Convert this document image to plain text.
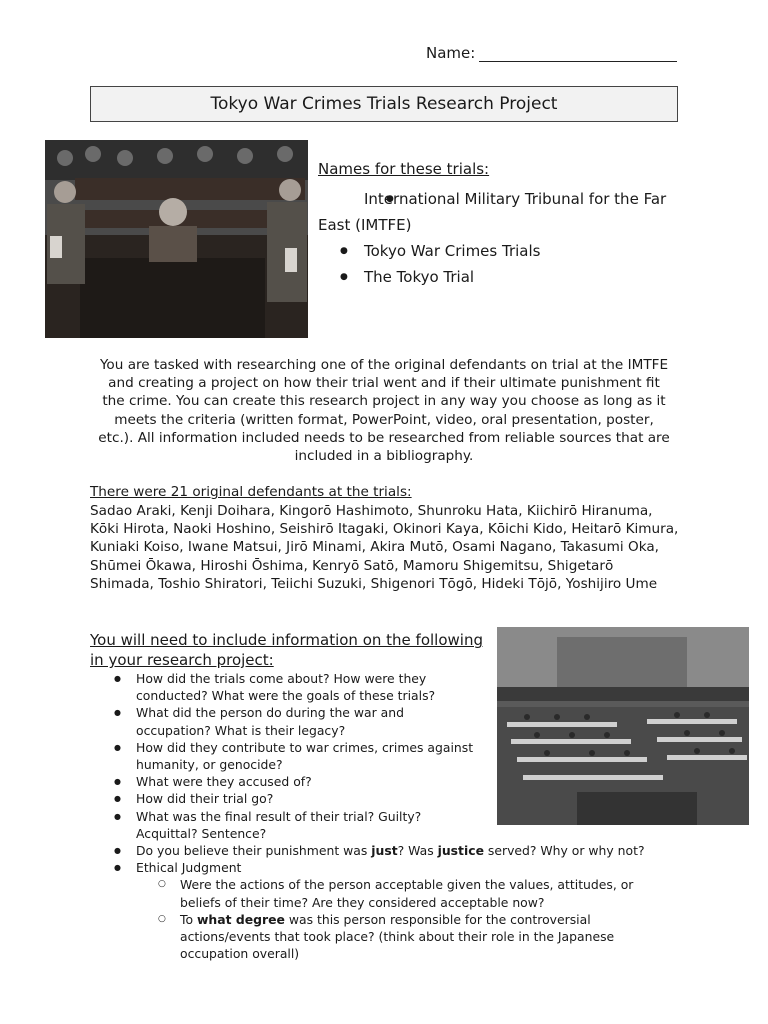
Name:
Tokyo War Crimes Trials Research Project
Names for these trials:
● International Military Tribunal for the Far East (IMTFE)
● Tokyo War Crimes Trials
● The Tokyo Trial
You are tasked with researching one of the original defendants on trial at the IMTFE and creating a project on how their trial went and if their ultimate punishment fit the crime. You can create this research project in any way you choose as long as it meets the criteria (written format, PowerPoint, video, oral presentation, poster, etc.). All information included needs to be researched from reliable sources that are included in a bibliography.
There were 21 original defendants at the trials:
Sadao Araki, Kenji Doihara, Kingorō Hashimoto, Shunroku Hata, Kiichirō Hiranuma, Kōki Hirota, Naoki Hoshino, Seishirō Itagaki, Okinori Kaya, Kōichi Kido, Heitarō Kimura, Kuniaki Koiso, Iwane Matsui, Jirō Minami, Akira Mutō, Osami Nagano, Takasumi Oka, Shūmei Ōkawa, Hiroshi Ōshima, Kenryō Satō, Mamoru Shigemitsu, Shigetarō Shimada, Toshio Shiratori, Teiichi Suzuki, Shigenori Tōgō, Hideki Tōjō, Yoshijiro Ume
You will need to include information on the following in your research project:
● How did the trials come about? How were they conducted? What were the goals of these trials?
● What did the person do during the war and occupation? What is their legacy?
● How did they contribute to war crimes, crimes against humanity, or genocide?
● What were they accused of?
● How did their trial go?
● What was the final result of their trial? Guilty? Acquittal? Sentence?
● Do you believe their punishment was just? Was justice served? Why or why not?
● Ethical Judgment
○ Were the actions of the person acceptable given the values, attitudes, or beliefs of their time? Are they considered acceptable now?
○ To what degree was this person responsible for the controversial actions/events that took place? (think about their role in the Japanese occupation overall)
